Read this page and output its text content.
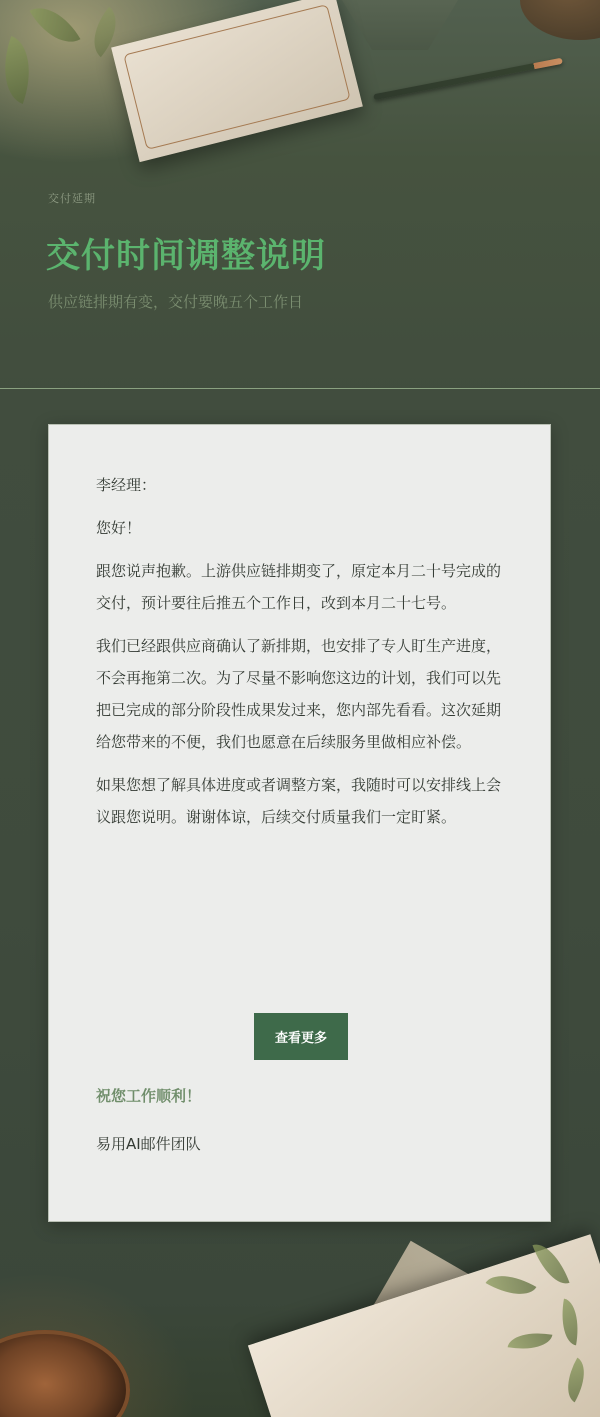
交付延期
交付时间调整说明

供应链排期有变，交付要晚五个工作日

李经理：

您好！

跟您说声抱歉。上游供应链排期变了，原定本月二十号完成的交付，预计要往后推五个工作日，改到本月二十七号。

我们已经跟供应商确认了新排期，也安排了专人盯生产进度，不会再拖第二次。为了尽量不影响您这边的计划，我们可以先把已完成的部分阶段性成果发过来，您内部先看看。这次延期给您带来的不便，我们也愿意在后续服务里做相应补偿。

如果您想了解具体进度或者调整方案，我随时可以安排线上会议跟您说明。谢谢体谅，后续交付质量我们一定盯紧。

查看更多
祝您工作顺利！
易用AI邮件团队
